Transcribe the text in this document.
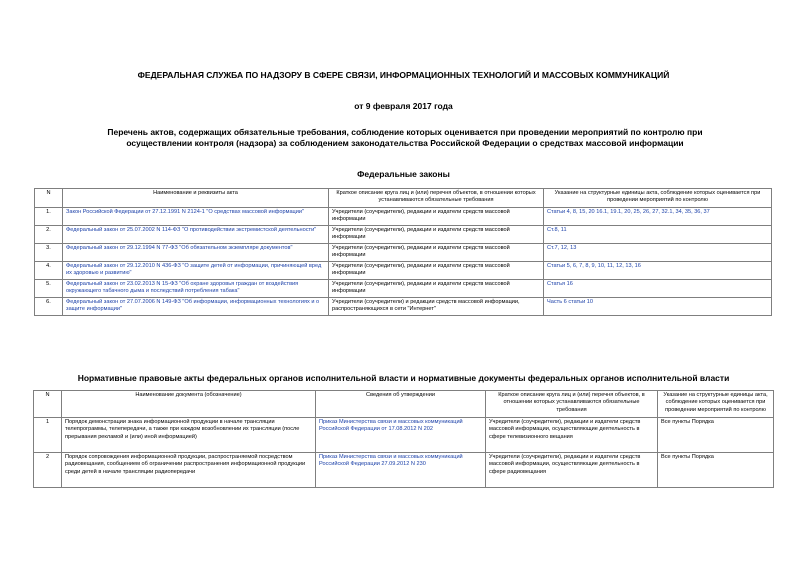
ФЕДЕРАЛЬНАЯ СЛУЖБА ПО НАДЗОРУ В СФЕРЕ СВЯЗИ, ИНФОРМАЦИОННЫХ ТЕХНОЛОГИЙ И МАССОВЫХ КОММУНИКАЦИЙ
от 9 февраля 2017 года
Перечень актов, содержащих обязательные требования, соблюдение которых оценивается при проведении мероприятий по контролю при осуществлении контроля (надзора) за соблюдением законодательства Российской Федерации о средствах массовой информации
Федеральные законы
N	Наименование и реквизиты акта	Краткое описание круга лиц и (или) перечня объектов, в отношении которых устанавливаются обязательные требования	Указание на структурные единицы акта, соблюдение которых оценивается при проведении мероприятий по контролю
1.	Закон Российской Федерации от 27.12.1991 N 2124-1 "О средствах массовой информации"	Учредители (соучредители), редакции и издатели средств массовой информации	Статьи 4, 8, 15, 20 16.1, 19.1, 20, 25, 26, 27, 32.1, 34, 35, 36, 37
2.	Федеральный закон от 25.07.2002 N 114-ФЗ "О противодействии экстремистской деятельности"	Учредители (соучредители), редакции и издатели средств массовой информации	Ст.8, 11
3.	Федеральный закон от 29.12.1994 N 77-ФЗ "Об обязательном экземпляре документов"	Учредители (соучредители), редакции и издатели средств массовой информации	Ст.7, 12, 13
4.	Федеральный закон от 29.12.2010 N 436-ФЗ "О защите детей от информации, причиняющей вред их здоровью и развитию"	Учредители (соучредители), редакции и издатели средств массовой информации	Статьи 5, 6, 7, 8, 9, 10, 11, 12, 13, 16
5.	Федеральный закон от 23.02.2013 N 15-ФЗ "Об охране здоровья граждан от воздействия окружающего табачного дыма и последствий потребления табака"	Учредители (соучредители), редакции и издатели средств массовой информации	Статья 16
6.	Федеральный закон от 27.07.2006 N 149-ФЗ "Об информации, информационных технологиях и о защите информации"	Учредители (соучредители) и редакции средств массовой информации, распространяющихся в сети "Интернет"	Часть 6 статьи 10
Нормативные правовые акты федеральных органов исполнительной власти и нормативные документы федеральных органов исполнительной власти
N	Наименование документа (обозначение)	Сведения об утверждении	Краткое описание круга лиц и (или) перечня объектов, в отношении которых устанавливаются обязательные требования	Указание на структурные единицы акта, соблюдение которых оценивается при проведении мероприятий по контролю
1	Порядок демонстрации знака информационной продукции в начале трансляции телепрограммы, телепередачи, а также при каждом возобновлении их трансляции (после прерывания рекламой и (или) иной информацией)	Приказ Министерства связи и массовых коммуникаций Российской Федерации от 17.08.2012 N 202	Учредители (соучредители), редакции и издатели средств массовой информации, осуществляющие деятельность в сфере телевизионного вещания	Все пункты Порядка
2	Порядок сопровождения информационной продукции, распространяемой посредством радиовещания, сообщением об ограничении распространения информационной продукции среди детей в начале трансляции радиопередачи	Приказ Министерства связи и массовых коммуникаций Российской Федерации 27.09.2012 N 230	Учредители (соучредители), редакции и издатели средств массовой информации, осуществляющие деятельность в сфере радиовещания	Все пункты Порядка
